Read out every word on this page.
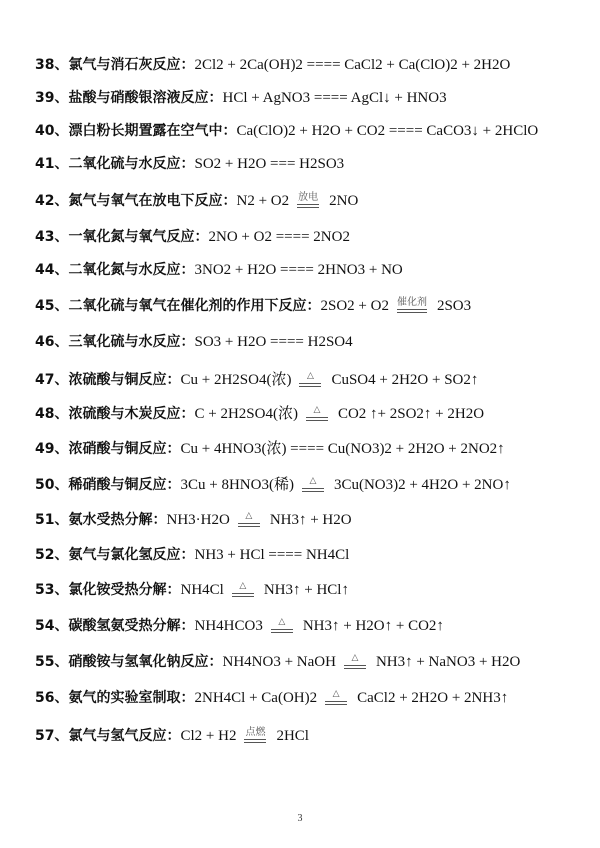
38、氯气与消石灰反应： 2Cl2 + 2Ca(OH)2 ==== CaCl2 + Ca(ClO)2 + 2H2O
39、盐酸与硝酸银溶液反应： HCl + AgNO3 ==== AgCl↓ + HNO3
40、漂白粉长期置露在空气中： Ca(ClO)2 + H2O + CO2 ==== CaCO3↓ + 2HClO
41、二氧化硫与水反应： SO2 + H2O === H2SO3
42、氮气与氧气在放电下反应： N2 + O2 放电 2NO
43、一氧化氮与氧气反应： 2NO + O2 ==== 2NO2
44、二氧化氮与水反应： 3NO2 + H2O ==== 2HNO3 + NO
45、二氧化硫与氧气在催化剂的作用下反应： 2SO2 + O2 催化剂 2SO3
46、三氧化硫与水反应： SO3 + H2O ==== H2SO4
47、浓硫酸与铜反应： Cu + 2H2SO4(浓) △ CuSO4 + 2H2O + SO2↑
48、浓硫酸与木炭反应： C + 2H2SO4(浓) △ CO2 ↑+ 2SO2↑ + 2H2O
49、浓硝酸与铜反应： Cu + 4HNO3(浓) ==== Cu(NO3)2 + 2H2O + 2NO2↑
50、稀硝酸与铜反应： 3Cu + 8HNO3(稀) △ 3Cu(NO3)2 + 4H2O + 2NO↑
51、氨水受热分解： NH3·H2O △ NH3↑ + H2O
52、氨气与氯化氢反应： NH3 + HCl ==== NH4Cl
53、氯化铵受热分解： NH4Cl △ NH3↑ + HCl↑
54、碳酸氢氨受热分解： NH4HCO3 △ NH3↑ + H2O↑ + CO2↑
55、硝酸铵与氢氧化钠反应： NH4NO3 + NaOH △ NH3↑ + NaNO3 + H2O
56、氨气的实验室制取： 2NH4Cl + Ca(OH)2 △ CaCl2 + 2H2O + 2NH3↑
57、氯气与氢气反应： Cl2 + H2 点燃 2HCl
3
